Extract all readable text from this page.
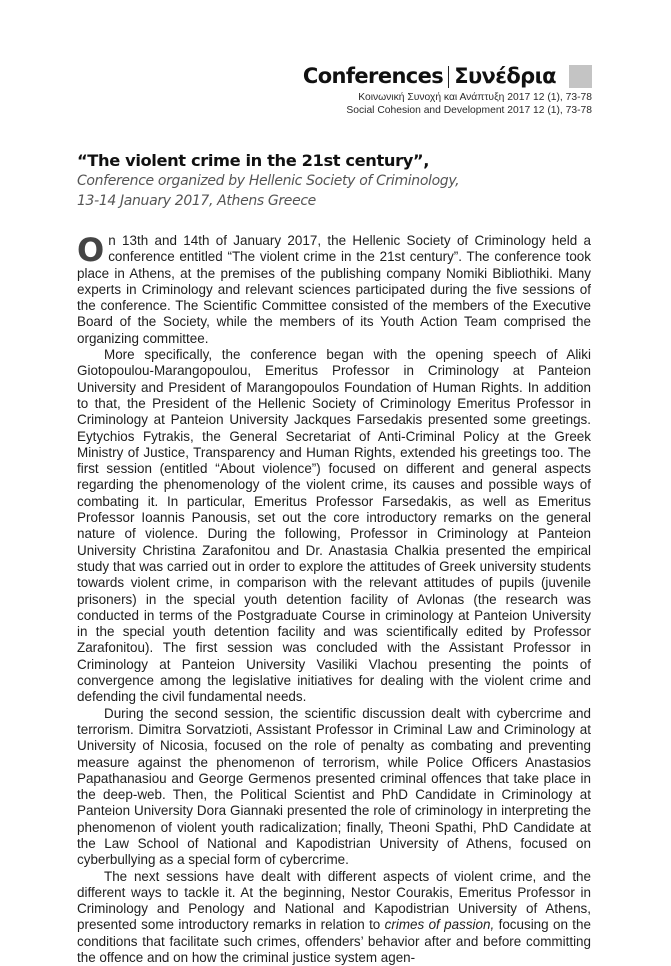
Conferences Συνέδρια
Κοινωνική Συνοχή και Ανάπτυξη 2017 12 (1), 73-78
Social Cohesion and Development 2017 12 (1), 73-78
“The violent crime in the 21st century”,
Conference organized by Hellenic Society of Criminology,
13-14 January 2017, Athens Greece

On 13th and 14th of January 2017, the Hellenic Society of Criminology held a conference entitled “The violent crime in the 21st century”. The conference took place in Athens, at the premises of the publishing company Nomiki Bibliothiki. Many experts in Criminology and relevant sciences participated during the five sessions of the conference. The Scientific Committee consisted of the members of the Executive Board of the Society, while the members of its Youth Action Team comprised the organizing committee.

More specifically, the conference began with the opening speech of Aliki Giotopoulou-Marangopoulou, Emeritus Professor in Criminology at Panteion University and President of Marangopoulos Foundation of Human Rights. In addition to that, the President of the Hellenic Society of Criminology Emeritus Professor in Criminology at Panteion University Jackques Farsedakis presented some greetings. Eytychios Fytrakis, the General Secretariat of Anti-Criminal Policy at the Greek Ministry of Justice, Transparency and Human Rights, extended his greetings too. The first session (entitled “About violence”) focused on different and general aspects regarding the phenomenology of the violent crime, its causes and possible ways of combating it. In particular, Emeritus Professor Farsedakis, as well as Emeritus Professor Ioannis Panousis, set out the core introductory remarks on the general nature of violence. During the following, Professor in Criminology at Panteion University Christina Zarafonitou and Dr. Anastasia Chalkia presented the empirical study that was carried out in order to explore the attitudes of Greek university students towards violent crime, in comparison with the relevant attitudes of pupils (juvenile prisoners) in the special youth detention facility of Avlonas (the research was conducted in terms of the Postgraduate Course in criminology at Panteion University in the special youth detention facility and was scientifically edited by Professor Zarafonitou). The first session was concluded with the Assistant Professor in Criminology at Panteion University Vasiliki Vlachou presenting the points of convergence among the legislative initiatives for dealing with the violent crime and defending the civil fundamental needs.

During the second session, the scientific discussion dealt with cybercrime and terrorism. Dimitra Sorvatzioti, Assistant Professor in Criminal Law and Criminology at University of Nicosia, focused on the role of penalty as combating and preventing measure against the phenomenon of terrorism, while Police Officers Anastasios Papathanasiou and George Germenos presented criminal offences that take place in the deep-web. Then, the Political Scientist and PhD Candidate in Criminology at Panteion University Dora Giannaki presented the role of criminology in interpreting the phenomenon of violent youth radicalization; finally, Theoni Spathi, PhD Candidate at the Law School of National and Kapodistrian University of Athens, focused on cyberbullying as a special form of cybercrime.

The next sessions have dealt with different aspects of violent crime, and the different ways to tackle it. At the beginning, Nestor Courakis, Emeritus Professor in Criminology and Penology and National and Kapodistrian University of Athens, presented some introductory remarks in relation to crimes of passion, focusing on the conditions that facilitate such crimes, offenders’ behavior after and before committing the offence and on how the criminal justice system agen-
